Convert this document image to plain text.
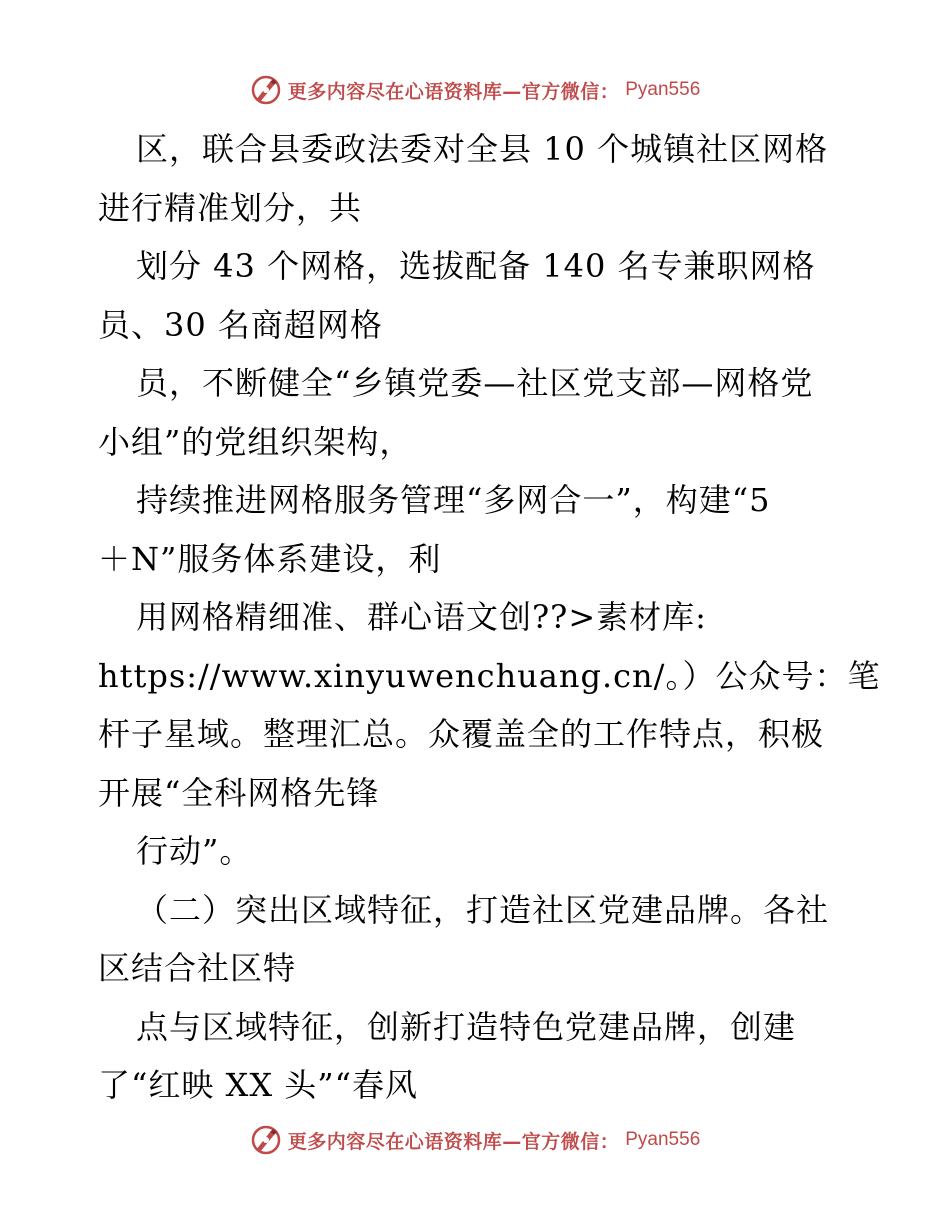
更多内容尽在心语资料库—官方微信： Pyan556
区，联合县委政法委对全县 10 个城镇社区网格
进行精准划分，共
划分 43 个网格，选拔配备 140 名专兼职网格
员、30 名商超网格
员，不断健全“乡镇党委—社区党支部—网格党
小组”的党组织架构，
持续推进网格服务管理“多网合一”，构建“5
＋N”服务体系建设，利
用网格精细准、群心语文创??>素材库:
https://www.xinyuwenchuang.cn/。）公众号：笔
杆子星域。整理汇总。众覆盖全的工作特点，积极
开展“全科网格先锋
行动”。
（二）突出区域特征，打造社区党建品牌。各社
区结合社区特
点与区域特征，创新打造特色党建品牌，创建
了“红映 XX 头”“春风
更多内容尽在心语资料库—官方微信： Pyan556
